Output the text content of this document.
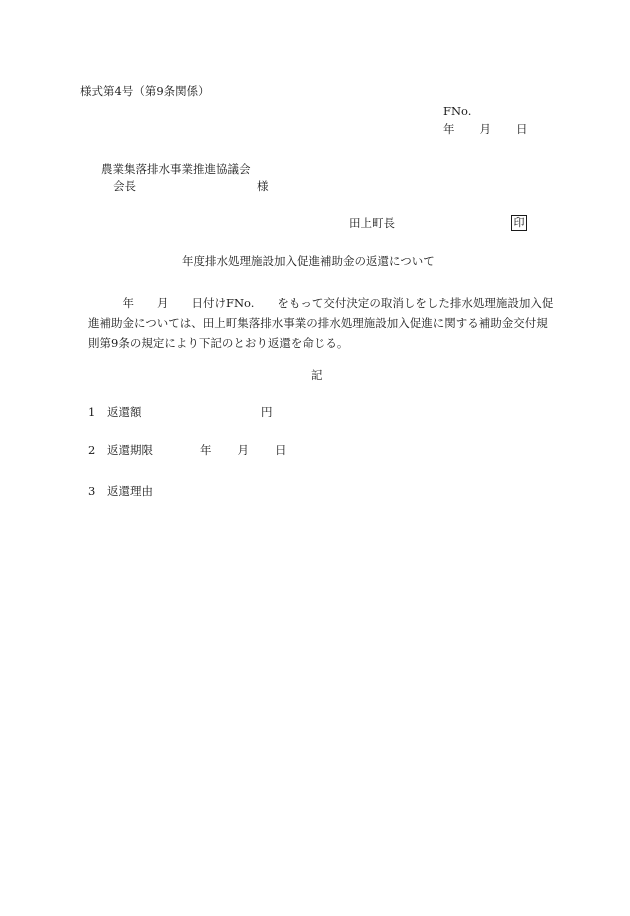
様式第4号（第9条関係）
FNo.
年 月 日
農業集落排水事業推進協議会
会長	様
田上町長	印
年度排水処理施設加入促進補助金の返還について
　　　年　　月　　日付けFNo.　　をもって交付決定の取消しをした排水処理施設加入促進補助金については、田上町集落排水事業の排水処理施設加入促進に関する補助金交付規則第9条の規定により下記のとおり返還を命じる。
記
1 返還額	円
2 返還期限	年 月 日
3 返還理由
